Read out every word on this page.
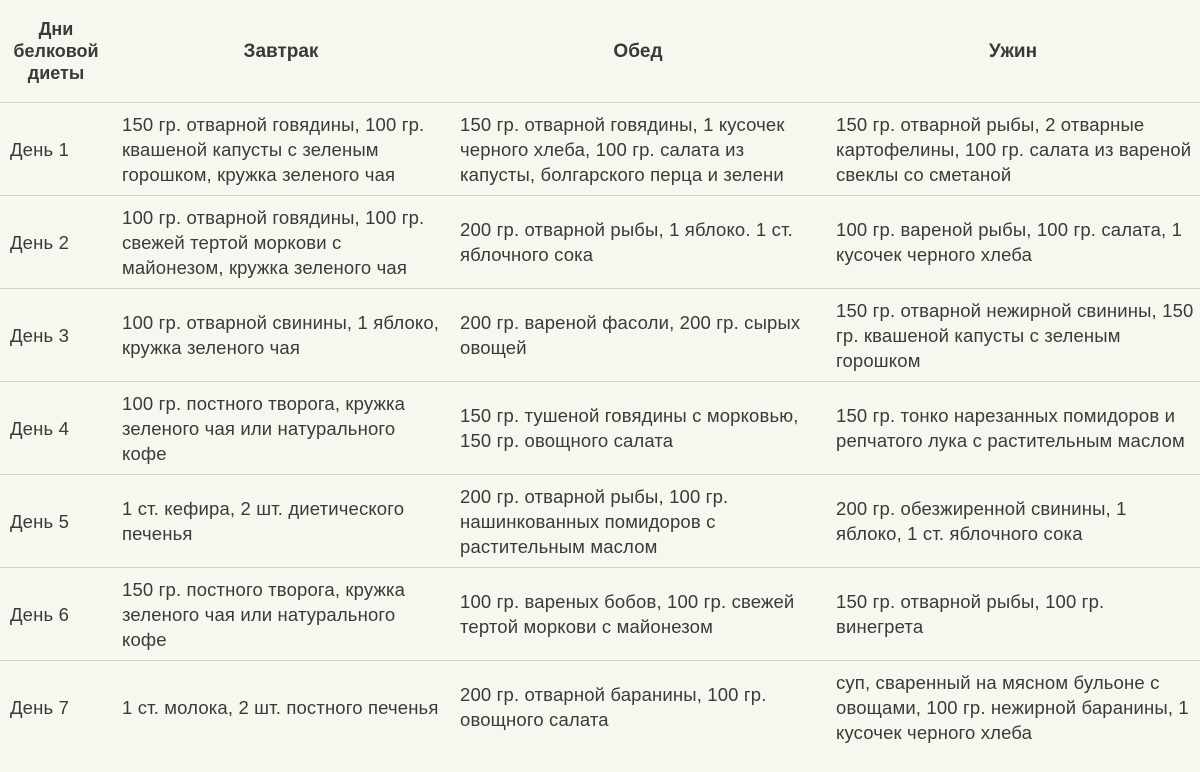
Дни белковой диеты	Завтрак	Обед	Ужин
День 1	150 гр. отварной говядины, 100 гр. квашеной капусты с зеленым горошком, кружка зеленого чая	150 гр. отварной говядины, 1 кусочек черного хлеба, 100 гр. салата из капусты, болгарского перца и зелени	150 гр. отварной рыбы, 2 отварные картофелины, 100 гр. салата из вареной свеклы со сметаной
День 2	100 гр. отварной говядины, 100 гр. свежей тертой моркови с майонезом, кружка зеленого чая	200 гр. отварной рыбы, 1 яблоко. 1 ст. яблочного сока	100 гр. вареной рыбы, 100 гр. салата, 1 кусочек черного хлеба
День 3	100 гр. отварной свинины, 1 яблоко, кружка зеленого чая	200 гр. вареной фасоли, 200 гр. сырых овощей	150 гр. отварной нежирной свинины, 150 гр. квашеной капусты с зеленым горошком
День 4	100 гр. постного творога, кружка зеленого чая или натурального кофе	150 гр. тушеной говядины с морковью, 150 гр. овощного салата	150 гр. тонко нарезанных помидоров и репчатого лука с растительным маслом
День 5	1 ст. кефира, 2 шт. диетического печенья	200 гр. отварной рыбы, 100 гр. нашинкованных помидоров с растительным маслом	200 гр. обезжиренной свинины, 1 яблоко, 1 ст. яблочного сока
День 6	150 гр. постного творога, кружка зеленого чая или натурального кофе	100 гр. вареных бобов, 100 гр. свежей тертой моркови с майонезом	150 гр. отварной рыбы, 100 гр. винегрета
День 7	1 ст. молока, 2 шт. постного печенья	200 гр. отварной баранины, 100 гр. овощного салата	суп, сваренный на мясном бульоне с овощами, 100 гр. нежирной баранины, 1 кусочек черного хлеба
